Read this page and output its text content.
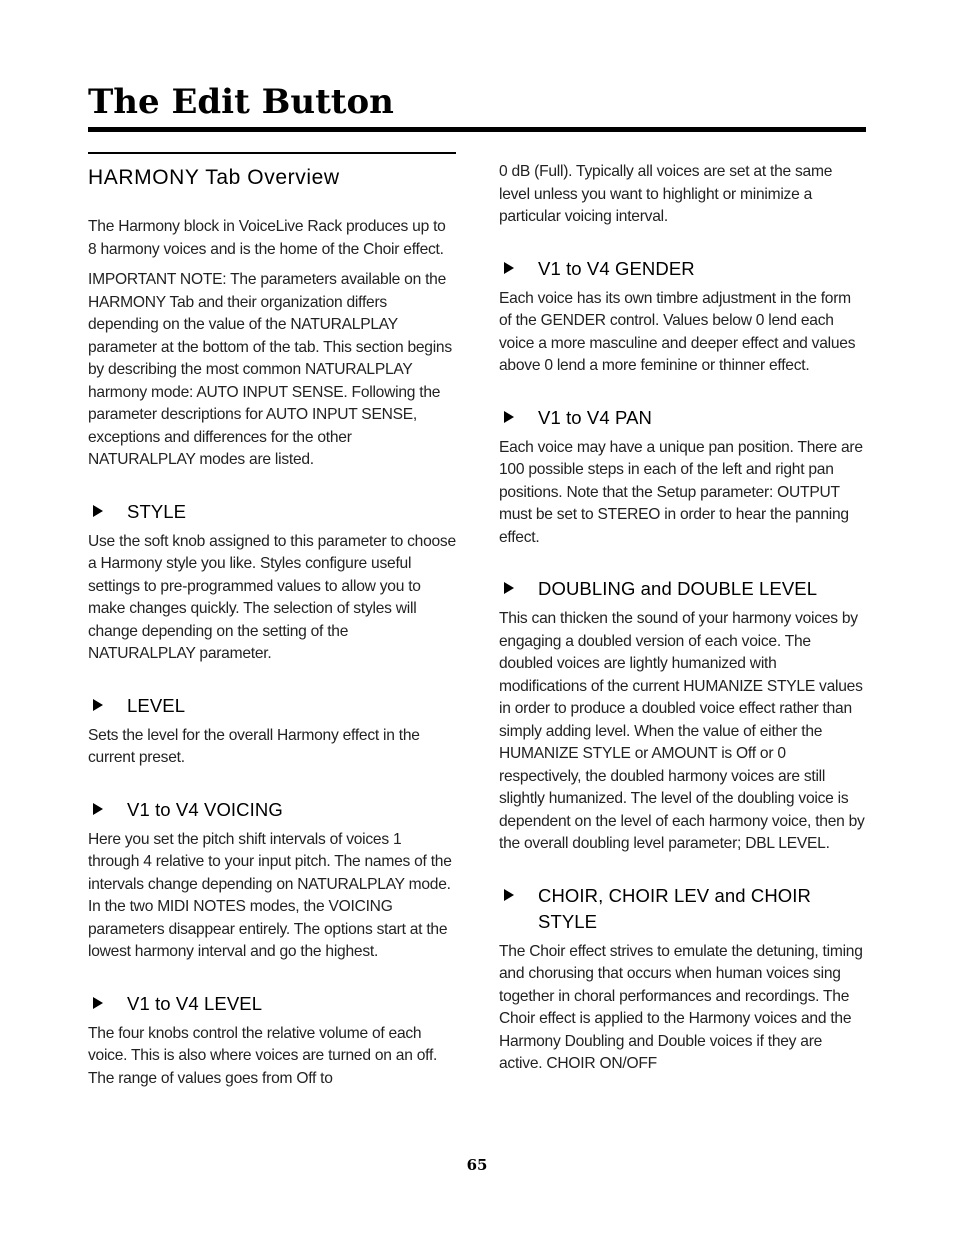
The Edit Button
HARMONY Tab Overview

The Harmony block in VoiceLive Rack produces up to 8 harmony voices and is the home of the Choir effect.

IMPORTANT NOTE: The parameters available on the HARMONY Tab and their organization differs depending on the value of the NATURALPLAY parameter at the bottom of the tab. This section begins by describing the most common NATURALPLAY harmony mode: AUTO INPUT SENSE. Following the parameter descriptions for AUTO INPUT SENSE, exceptions and differences for the other NATURALPLAY modes are listed.

STYLE

Use the soft knob assigned to this parameter to choose a Harmony style you like. Styles configure useful settings to pre-programmed values to allow you to make changes quickly. The selection of styles will change depending on the setting of the NATURALPLAY parameter.

LEVEL

Sets the level for the overall Harmony effect in the current preset.

V1 to V4 VOICING

Here you set the pitch shift intervals of voices 1 through 4 relative to your input pitch. The names of the intervals change depending on NATURALPLAY mode. In the two MIDI NOTES modes, the VOICING parameters disappear entirely. The options start at the lowest harmony interval and go the highest.

V1 to V4 LEVEL

The four knobs control the relative volume of each voice. This is also where voices are turned on an off. The range of values goes from Off to

0 dB (Full). Typically all voices are set at the same level unless you want to highlight or minimize a particular voicing interval.

V1 to V4 GENDER

Each voice has its own timbre adjustment in the form of the GENDER control. Values below 0 lend each voice a more masculine and deeper effect and values above 0 lend a more feminine or thinner effect.

V1 to V4 PAN

Each voice may have a unique pan position. There are 100 possible steps in each of the left and right pan positions. Note that the Setup parameter: OUTPUT must be set to STEREO in order to hear the panning effect.

DOUBLING and DOUBLE LEVEL

This can thicken the sound of your harmony voices by engaging a doubled version of each voice. The doubled voices are lightly humanized with modifications of the current HUMANIZE STYLE values in order to produce a doubled voice effect rather than simply adding level. When the value of either the HUMANIZE STYLE or AMOUNT is Off or 0 respectively, the doubled harmony voices are still slightly humanized. The level of the doubling voice is dependent on the level of each harmony voice, then by the overall doubling level parameter; DBL LEVEL.

CHOIR, CHOIR LEV and CHOIR STYLE

The Choir effect strives to emulate the detuning, timing and chorusing that occurs when human voices sing together in choral performances and recordings. The Choir effect is applied to the Harmony voices and the Harmony Doubling and Double voices if they are active. CHOIR ON/OFF

65
